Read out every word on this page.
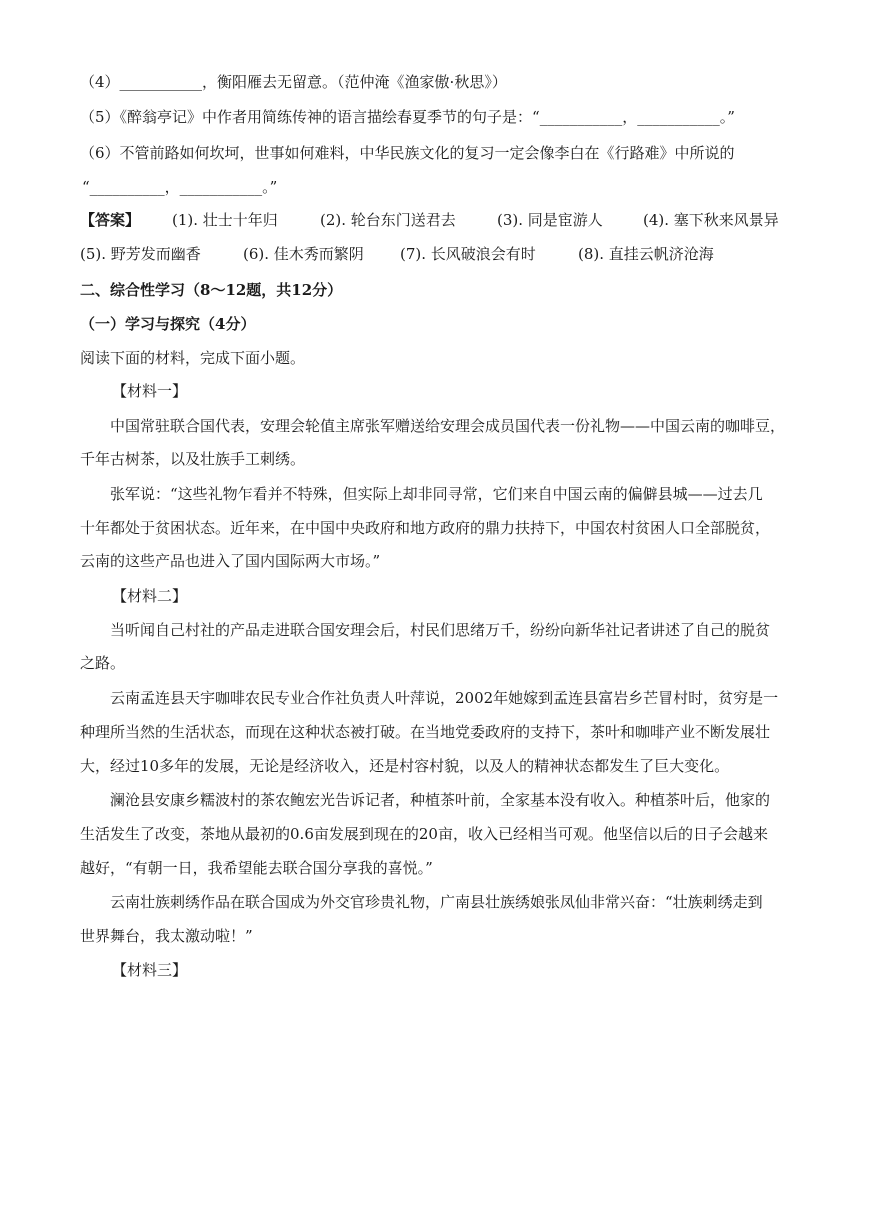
（4）___________，衡阳雁去无留意。（范仲淹《渔家傲·秋思》）
（5）《醉翁亭记》中作者用简练传神的语言描绘春夏季节的句子是：“___________，___________。”
（6）不管前路如何坎坷，世事如何难料，中华民族文化的复习一定会像李白在《行路难》中所说的
“__________，___________。”
【答案】 (1). 壮士十年归	(2). 轮台东门送君去	(3). 同是宦游人	(4). 塞下秋来风景异
(5). 野芳发而幽香	(6). 佳木秀而繁阴 (7). 长风破浪会有时	(8). 直挂云帆济沧海
二、综合性学习（8～12题，共12分）
（一）学习与探究（4分）
阅读下面的材料，完成下面小题。
【材料一】
中国常驻联合国代表，安理会轮值主席张军赠送给安理会成员国代表一份礼物——中国云南的咖啡豆，
千年古树茶，以及壮族手工刺绣。
张军说：“这些礼物乍看并不特殊，但实际上却非同寻常，它们来自中国云南的偏僻县城——过去几
十年都处于贫困状态。近年来，在中国中央政府和地方政府的鼎力扶持下，中国农村贫困人口全部脱贫，
云南的这些产品也进入了国内国际两大市场。”
【材料二】
当听闻自己村社的产品走进联合国安理会后，村民们思绪万千，纷纷向新华社记者讲述了自己的脱贫
之路。
云南孟连县天宇咖啡农民专业合作社负责人叶萍说，2002年她嫁到孟连县富岩乡芒冒村时，贫穷是一
种理所当然的生活状态，而现在这种状态被打破。在当地党委政府的支持下，茶叶和咖啡产业不断发展壮
大，经过10多年的发展，无论是经济收入，还是村容村貌，以及人的精神状态都发生了巨大变化。
澜沧县安康乡糯波村的茶农鲍宏光告诉记者，种植茶叶前，全家基本没有收入。种植茶叶后，他家的
生活发生了改变，茶地从最初的0.6亩发展到现在的20亩，收入已经相当可观。他坚信以后的日子会越来
越好，“有朝一日，我希望能去联合国分享我的喜悦。”
云南壮族刺绣作品在联合国成为外交官珍贵礼物，广南县壮族绣娘张凤仙非常兴奋：“壮族刺绣走到
世界舞台，我太激动啦！”
【材料三】
